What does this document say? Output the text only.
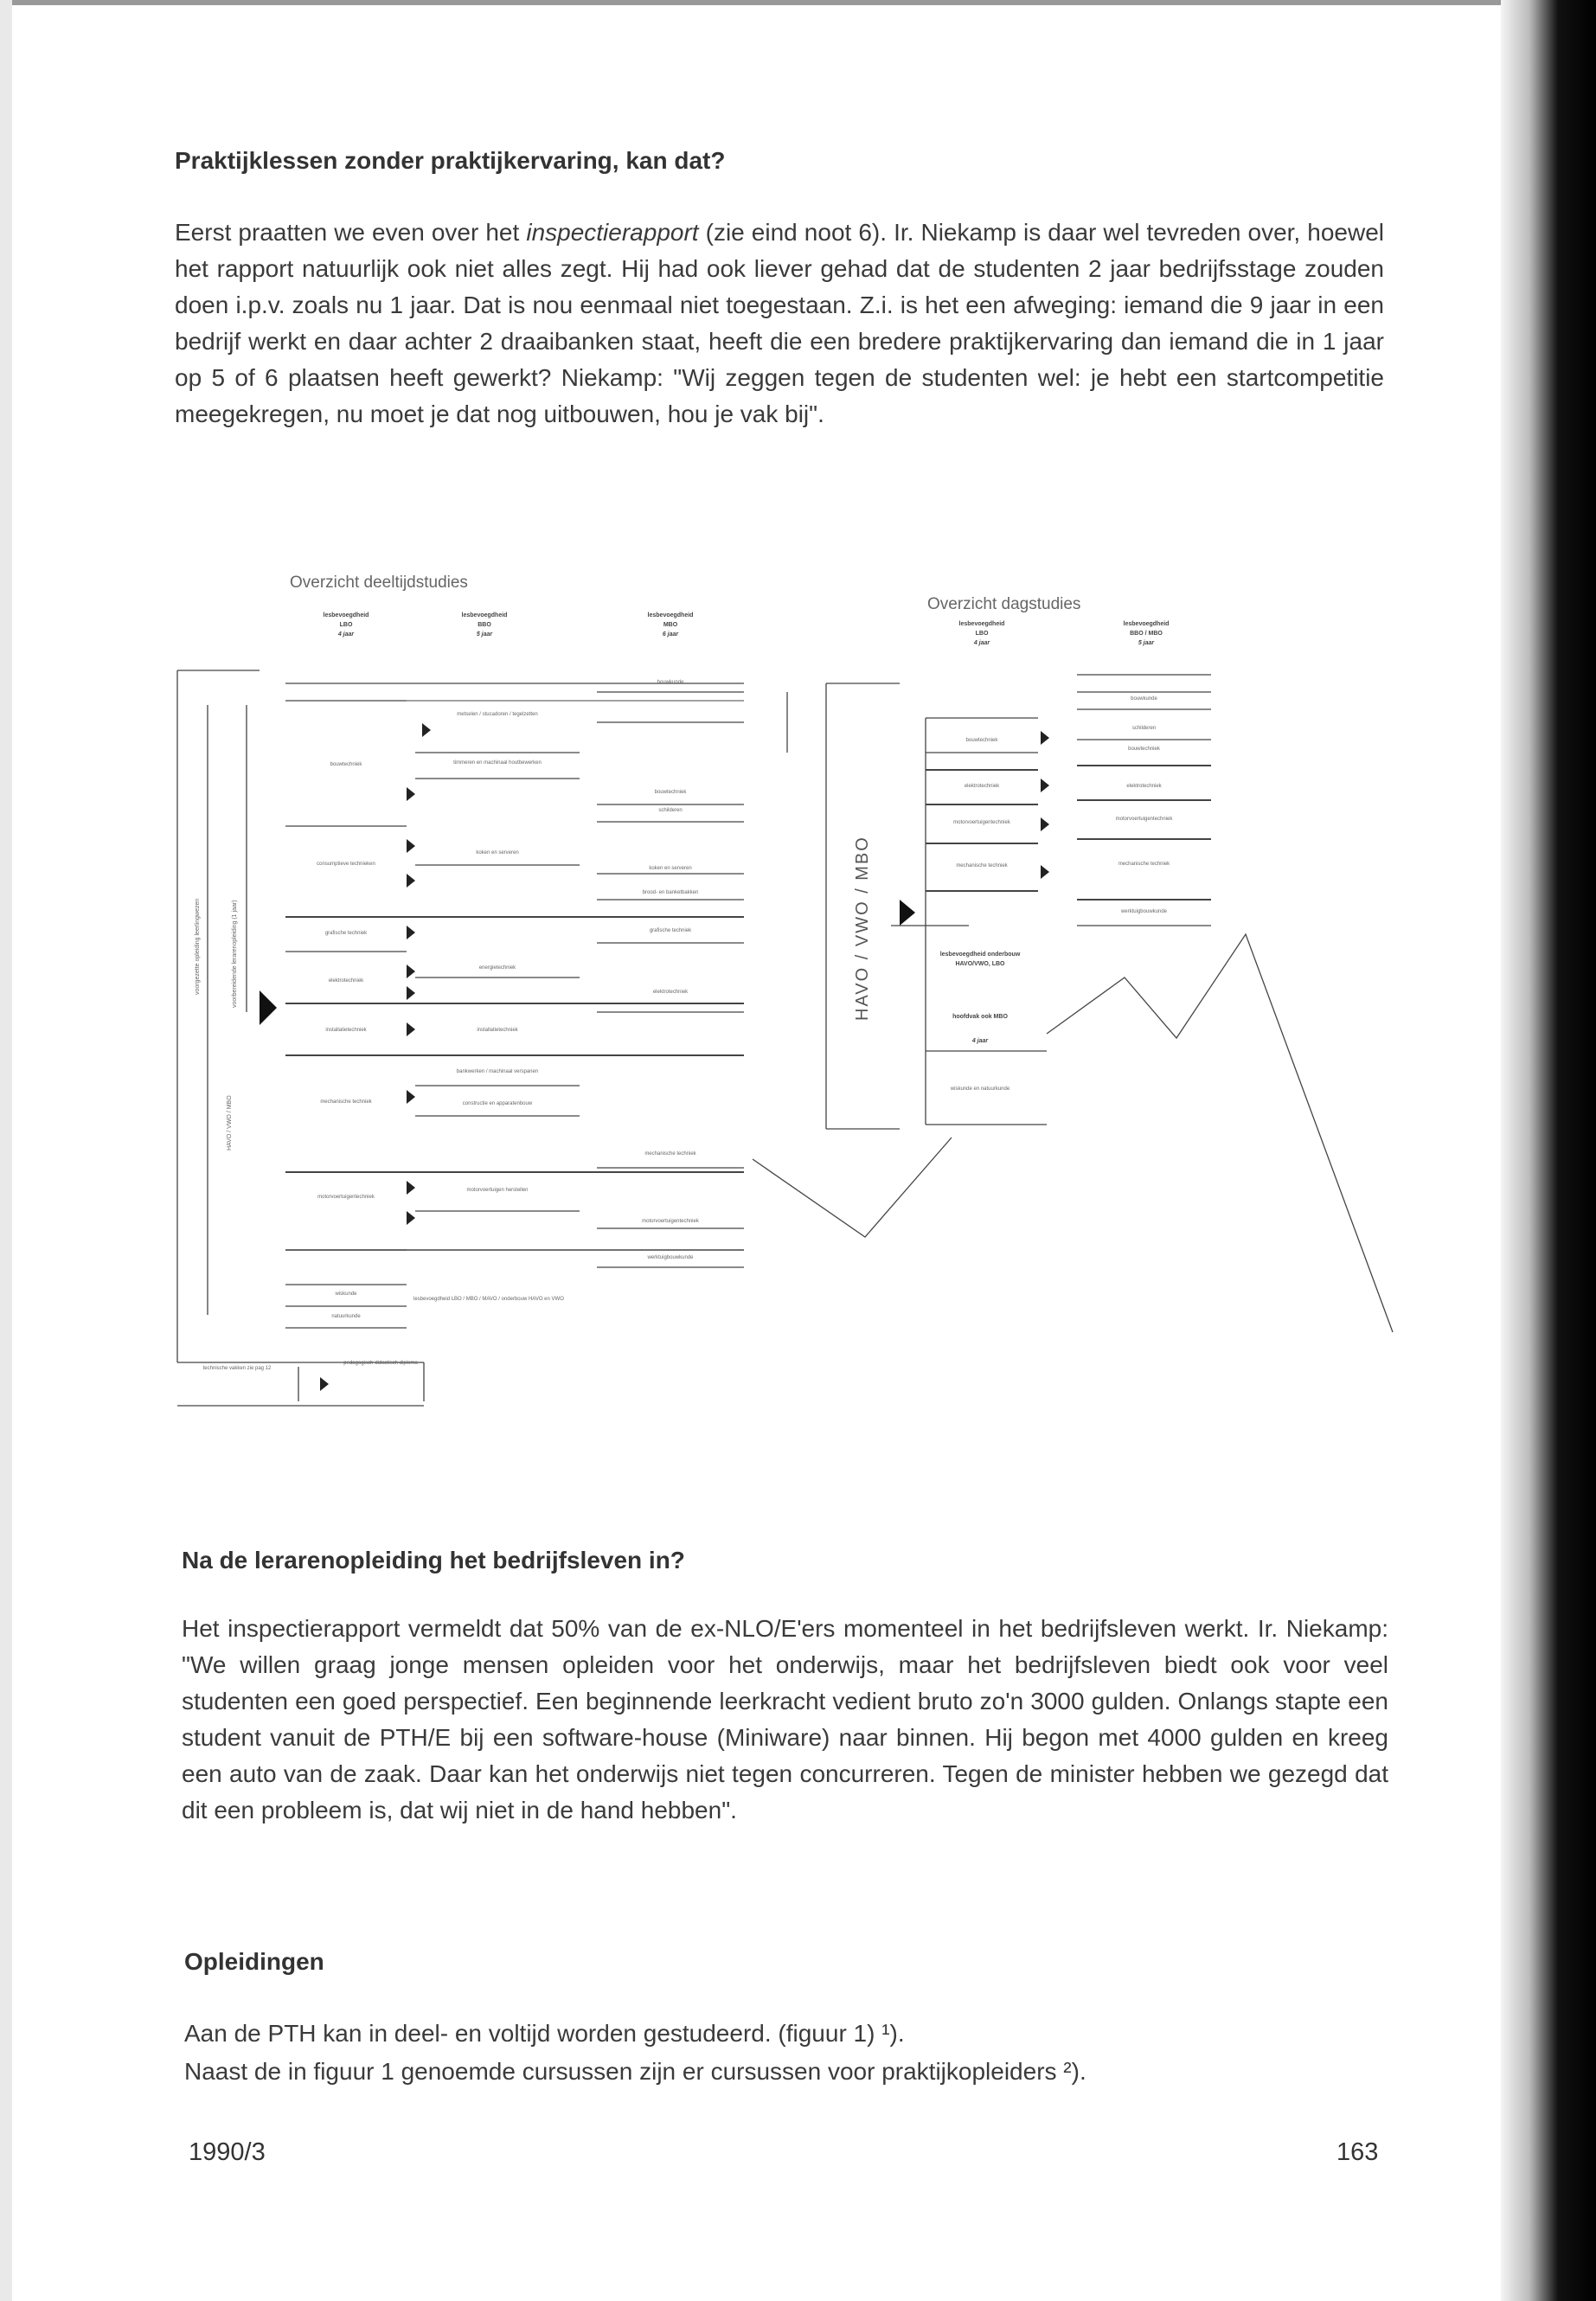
Praktijklessen zonder praktijkervaring, kan dat?

Eerst praatten we even over het inspectierapport (zie eind noot 6). Ir. Niekamp is daar wel tevreden over, hoewel het rapport natuurlijk ook niet alles zegt. Hij had ook liever gehad dat de studenten 2 jaar bedrijfsstage zouden doen i.p.v. zoals nu 1 jaar. Dat is nou eenmaal niet toegestaan. Z.i. is het een afweging: iemand die 9 jaar in een bedrijf werkt en daar achter 2 draaibanken staat, heeft die een bredere praktijkervaring dan iemand die in 1 jaar op 5 of 6 plaatsen heeft gewerkt? Niekamp: "Wij zeggen tegen de studenten wel: je hebt een startcompetitie meegekregen, nu moet je dat nog uitbouwen, hou je vak bij".

Overzicht deeltijdstudies
Overzicht dagstudies
lesbevoegdheid
LBO
4 jaar
lesbevoegdheid
BBO
5 jaar
lesbevoegdheid
MBO
6 jaar
lesbevoegdheid
LBO
4 jaar
lesbevoegdheid
BBO / MBO
5 jaar
voorgezette opleiding leerlingwezen	voorbereidende lerarenopleiding (1 jaar)
HAVO / VWO / MBO
HAVO / VWO / MBO
bouwtechniek
consumptieve technieken
grafische techniek
elektrotechniek
installatietechniek
mechanische techniek
motorvoertuigentechniek
metselen / stucadoren / tegelzetten
timmeren en machinaal houtbewerken
koken en serveren
energietechniek
installatietechniek
bankwerken / machinaal verspanen
constructie en apparatenbouw
motorvoertuigen herstellen
bouwkunde
bouwtechniek
schilderen
koken en serveren
brood- en banketbakken
grafische techniek
elektrotechniek
mechanische techniek
motorvoertuigentechniek
werktuigbouwkunde
wiskunde
natuurkunde
lesbevoegdheid LBO / MBO / MAVO / onderbouw HAVO en VWO
technische vakken zie pag 12
pedagogisch-didactisch diploma
bouwtechniek
elektrotechniek
motorvoertuigentechniek
mechanische techniek
bouwkunde
schilderen
bouwtechniek
elektrotechniek
motorvoertuigentechniek
mechanische techniek
werktuigbouwkunde
lesbevoegdheid onderbouw HAVO/VWO, LBO
hoofdvak ook MBO
4 jaar
wiskunde en natuurkunde
Na de lerarenopleiding het bedrijfsleven in?

Het inspectierapport vermeldt dat 50% van de ex-NLO/E'ers momenteel in het bedrijfsleven werkt. Ir. Niekamp: "We willen graag jonge mensen opleiden voor het onderwijs, maar het bedrijfsleven biedt ook voor veel studenten een goed perspectief. Een beginnende leerkracht vedient bruto zo'n 3000 gulden. Onlangs stapte een student vanuit de PTH/E bij een software-house (Miniware) naar binnen. Hij begon met 4000 gulden en kreeg een auto van de zaak. Daar kan het onderwijs niet tegen concurreren. Tegen de minister hebben we gezegd dat dit een probleem is, dat wij niet in de hand hebben".

Opleidingen

Aan de PTH kan in deel- en voltijd worden gestudeerd. (figuur 1) ¹).

Naast de in figuur 1 genoemde cursussen zijn er cursussen voor praktijkopleiders ²).

1990/3	163
